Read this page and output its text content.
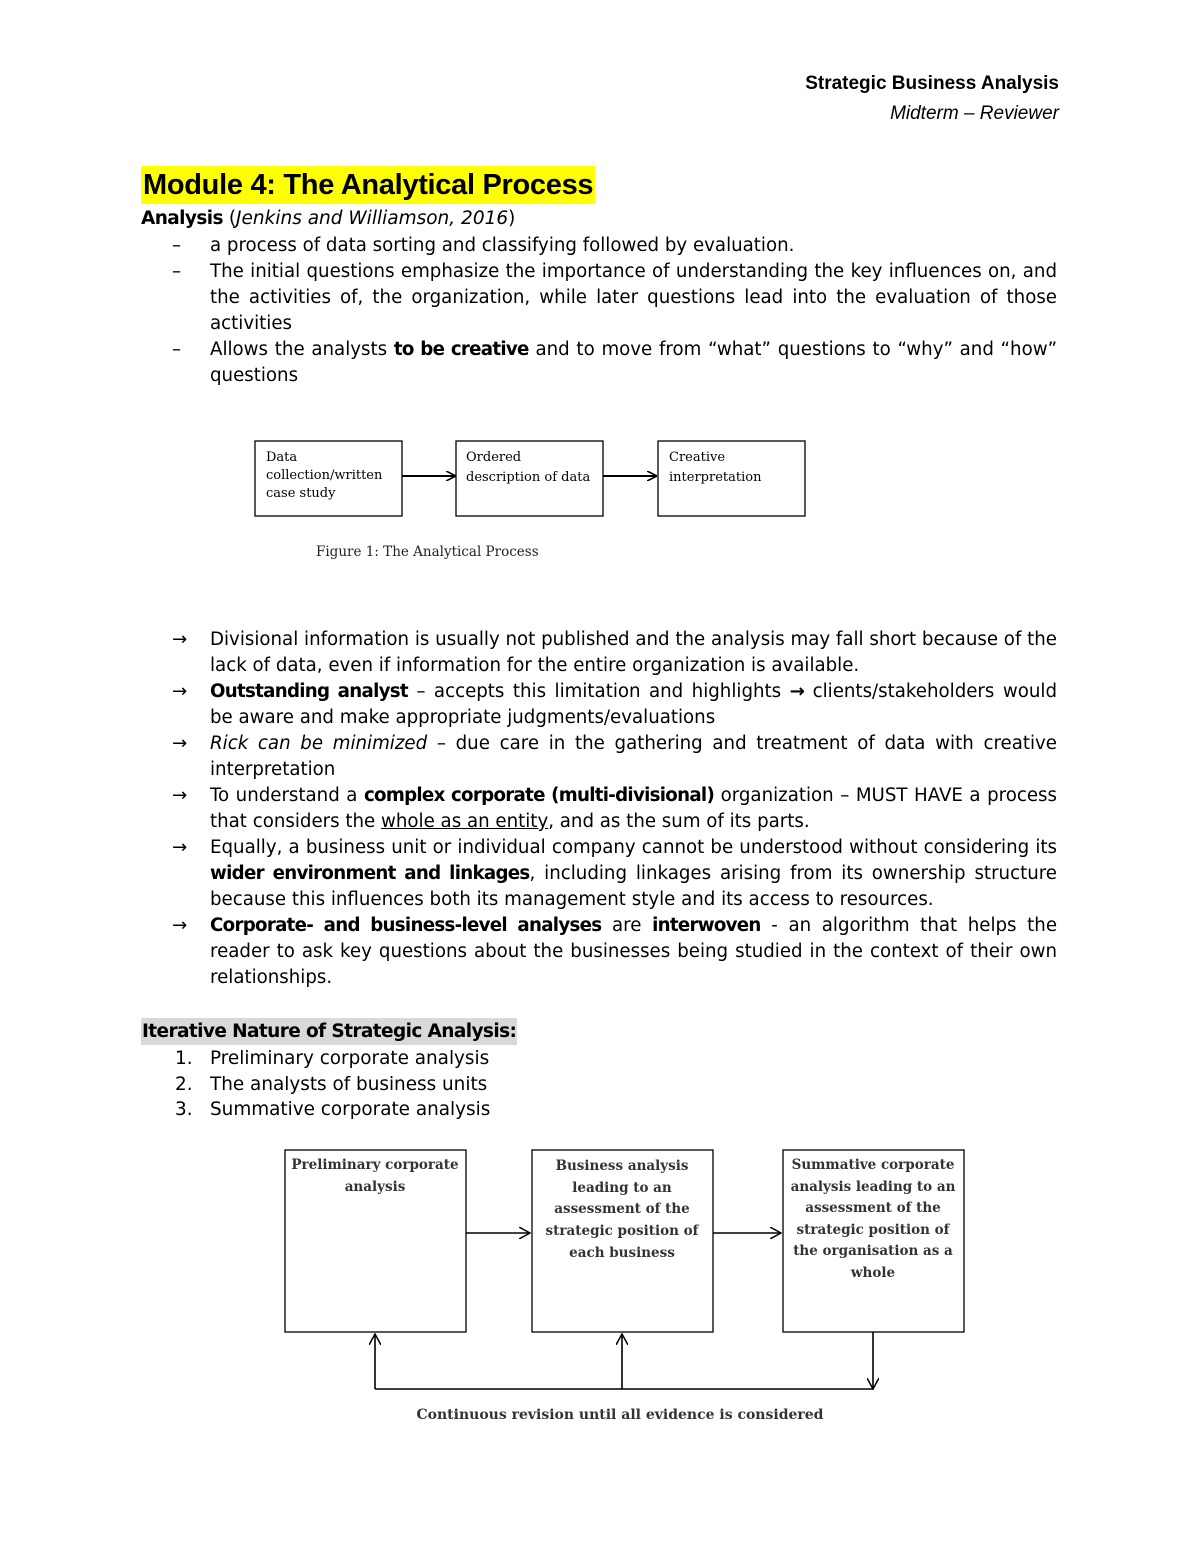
Strategic Business Analysis
Midterm – Reviewer
Module 4: The Analytical Process
Analysis (Jenkins and Williamson, 2016)
– a process of data sorting and classifying followed by evaluation.
– The initial questions emphasize the importance of understanding the key influences on, and the activities of, the organization, while later questions lead into the evaluation of those activities
– Allows the analysts to be creative and to move from “what” questions to “why” and “how” questions
Data
collection/written
case study
Ordered
description of data
Creative
interpretation
Figure 1: The Analytical Process
Preliminary corporate
analysis
Business analysis
leading to an
assessment of the
strategic position of
each business
Summative corporate
analysis leading to an
assessment of the
strategic position of
the organisation as a
whole
Continuous revision until all evidence is considered
→ Divisional information is usually not published and the analysis may fall short because of the lack of data, even if information for the entire organization is available.
→ Outstanding analyst – accepts this limitation and highlights → clients/stakeholders would be aware and make appropriate judgments/evaluations
→ Rick can be minimized – due care in the gathering and treatment of data with creative interpretation
→ To understand a complex corporate (multi-divisional) organization – MUST HAVE a process that considers the whole as an entity, and as the sum of its parts.
→ Equally, a business unit or individual company cannot be understood without considering its wider environment and linkages, including linkages arising from its ownership structure because this influences both its management style and its access to resources.
→ Corporate- and business-level analyses are interwoven - an algorithm that helps the reader to ask key questions about the businesses being studied in the context of their own relationships.
Iterative Nature of Strategic Analysis:
1. Preliminary corporate analysis
2. The analysts of business units
3. Summative corporate analysis
